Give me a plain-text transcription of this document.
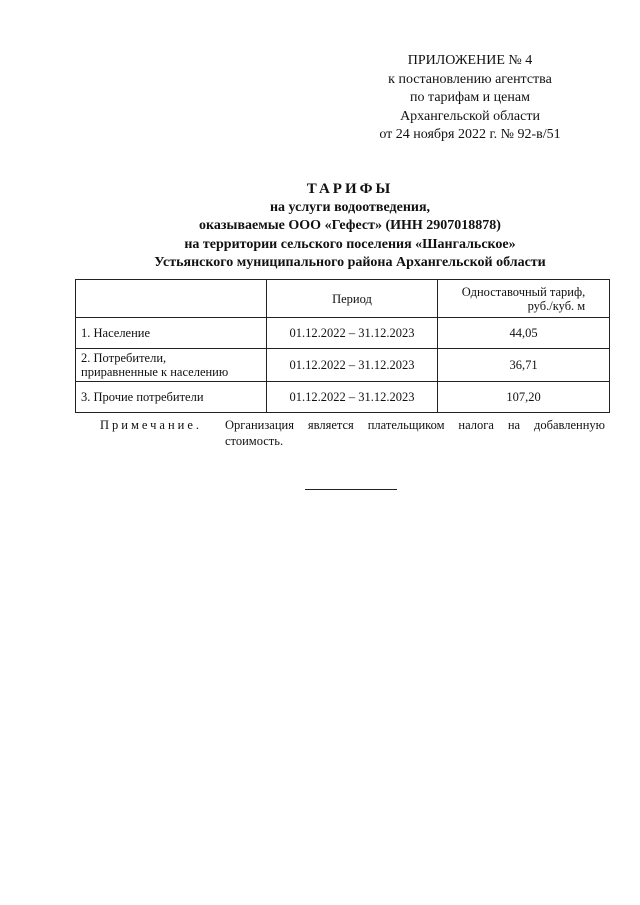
ПРИЛОЖЕНИЕ № 4
к постановлению агентства
по тарифам и ценам
Архангельской области
от 24 ноября 2022 г. № 92-в/51
ТАРИФЫ
на услуги водоотведения,
оказываемые ООО «Гефест» (ИНН 2907018878)
на территории сельского поселения «Шангальское»
Устьянского муниципального района Архангельской области
	Период	Одноставочный тариф,
руб./куб. м
1. Население	01.12.2022 – 31.12.2023	44,05
2. Потребители,
приравненные к населению	01.12.2022 – 31.12.2023	36,71
3. Прочие потребители	01.12.2022 – 31.12.2023	107,20
Примечание. Организация является плательщиком налога на добавленную стоимость.
